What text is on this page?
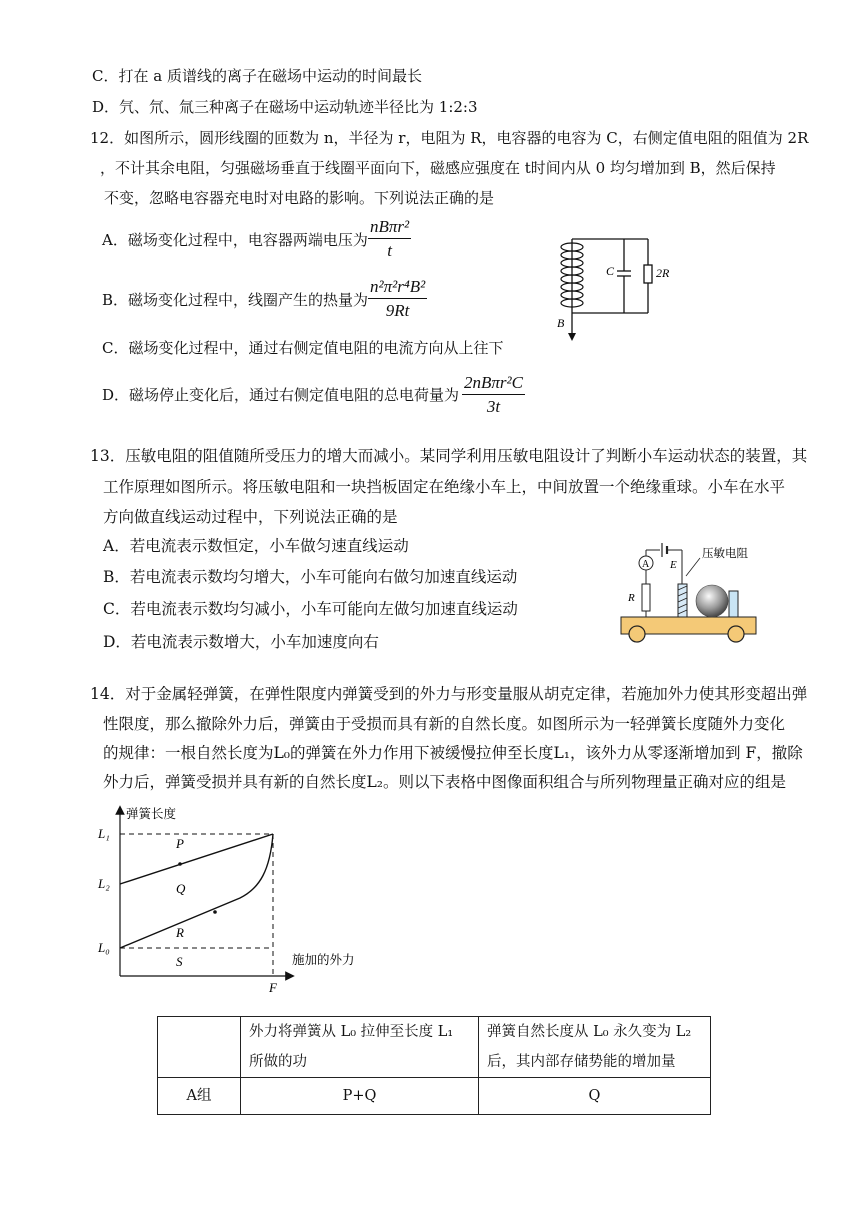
C．打在 a 质谱线的离子在磁场中运动的时间最长
D．氕、氘、氚三种离子在磁场中运动轨迹半径比为 1:2:3
12．如图所示，圆形线圈的匝数为 n，半径为 r，电阻为 R，电容器的电容为 C，右侧定值电阻的阻值为 2R
，不计其余电阻，匀强磁场垂直于线圈平面向下，磁感应强度在 t时间内从 0 均匀增加到 B，然后保持
不变，忽略电容器充电时对电路的影响。下列说法正确的是
A．磁场变化过程中，电容器两端电压为
nBπr²
t
B．磁场变化过程中，线圈产生的热量为 $\frac{\text{n²π²r⁴B²}}{9Rt}$
C．磁场变化过程中，通过右侧定值电阻的电流方向从上往下
D．磁场停止变化后，通过右侧定值电阻的总电荷量为
2nBπr²C
3t
C	2R
B
13．压敏电阻的阻值随所受压力的增大而减小。某同学利用压敏电阻设计了判断小车运动状态的装置，其
工作原理如图所示。将压敏电阻和一块挡板固定在绝缘小车上，中间放置一个绝缘重球。小车在水平
方向做直线运动过程中，下列说法正确的是
A．若电流表示数恒定，小车做匀速直线运动
B．若电流表示数均匀增大，小车可能向右做匀加速直线运动
C．若电流表示数均匀减小，小车可能向左做匀加速直线运动
D．若电流表示数增大，小车加速度向右
A E
R
压敏电阻
14．对于金属轻弹簧，在弹性限度内弹簧受到的外力与形变量服从胡克定律，若施加外力使其形变超出弹
性限度，那么撤除外力后，弹簧由于受损而具有新的自然长度。如图所示为一轻弹簧长度随外力变化
的规律：一根自然长度为L₀的弹簧在外力作用下被缓慢拉伸至长度L₁，该外力从零逐渐增加到 F，撤除
外力后，弹簧受损并具有新的自然长度L₂。则以下表格中图像面积组合与所列物理量正确对应的组是
L₁
L₂
L₀
F
P
Q
R
S
弹簧长度
施加的外力
	外力将弹簧从 L₀ 拉伸至长度 L₁ 所做的功	弹簧自然长度从 L₀ 永久变为 L₂ 后，其内部存储势能的增加量
A组	P+Q	Q
